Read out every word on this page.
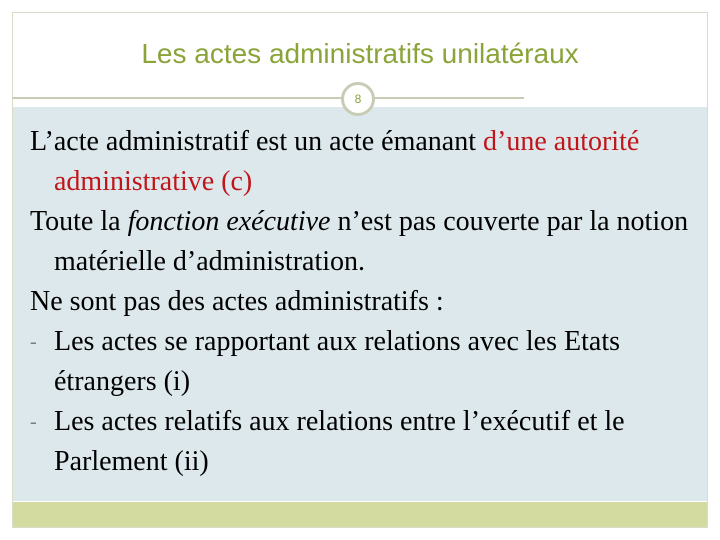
Les actes administratifs unilatéraux
8

L’acte administratif est un acte émanant d’une autorité administrative (c)

Toute la fonction exécutive n’est pas couverte par la notion matérielle d’administration.

Ne sont pas des actes administratifs :

- Les actes se rapportant aux relations avec les Etats étrangers (i)
- Les actes relatifs aux relations entre l’exécutif et le Parlement (ii)
